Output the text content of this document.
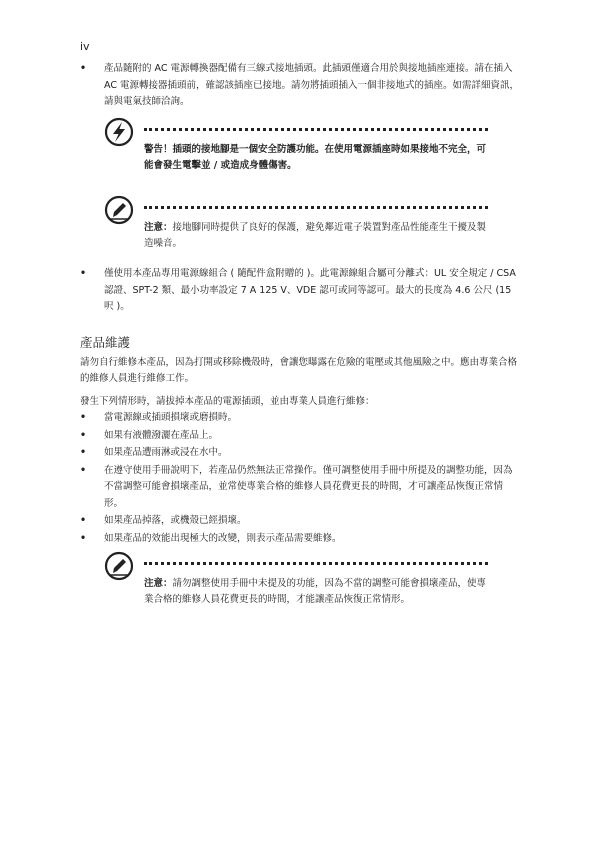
iv
• 產品隨附的 AC 電源轉換器配備有三線式接地插頭。此插頭僅適合用於與接地插座連接。請在插入 AC 電源轉接器插頭前，確認該插座已接地。請勿將插頭插入一個非接地式的插座。如需詳細資訊，請與電氣技師洽詢。
警告！插頭的接地腳是一個安全防護功能。在使用電源插座時如果接地不完全，可能會發生電擊並 / 或造成身體傷害。
注意：接地腳同時提供了良好的保護，避免鄰近電子裝置對產品性能產生干擾及製造噪音。
• 僅使用本產品專用電源線組合 ( 隨配件盒附贈的 )。此電源線組合屬可分離式：UL 安全規定 / CSA 認證、SPT-2 類、最小功率設定 7 A 125 V、VDE 認可或同等認可。最大的長度為 4.6 公尺 (15 呎 )。
產品維護
請勿自行維修本產品，因為打開或移除機殼時，會讓您曝露在危險的電壓或其他風險之中。應由專業合格的維修人員進行維修工作。
發生下列情形時，請拔掉本產品的電源插頭，並由專業人員進行維修：
• 當電源線或插頭損壞或磨損時。
• 如果有液體潑灑在產品上。
• 如果產品遭雨淋或浸在水中。
• 在遵守使用手冊說明下，若產品仍然無法正常操作。僅可調整使用手冊中所提及的調整功能，因為不當調整可能會損壞產品，並常使專業合格的維修人員花費更長的時間，才可讓產品恢復正常情形。
• 如果產品掉落，或機殼已經損壞。
• 如果產品的效能出現極大的改變，則表示產品需要維修。
注意：請勿調整使用手冊中未提及的功能，因為不當的調整可能會損壞產品，使專業合格的維修人員花費更長的時間，才能讓產品恢復正常情形。
